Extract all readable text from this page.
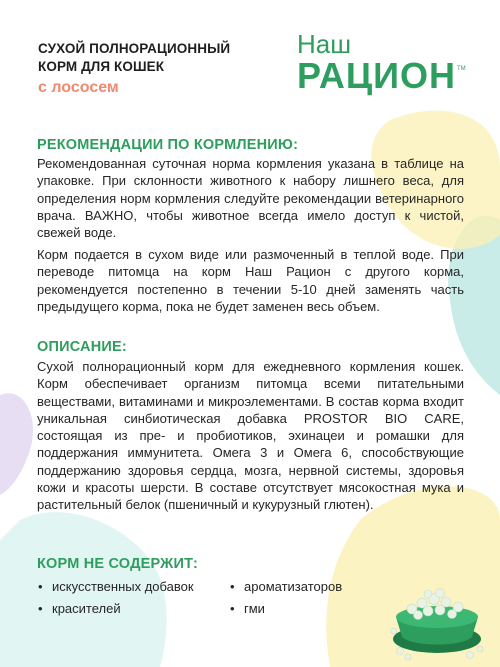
СУХОЙ ПОЛНОРАЦИОННЫЙ
КОРМ ДЛЯ КОШЕК
с лососем
Наш
РАЦИОН TM
РЕКОМЕНДАЦИИ ПО КОРМЛЕНИЮ:

Рекомендованная суточная норма кормления указана в таблице на упаковке. При склонности животного к набору лишнего веса, для определения норм кормления следуйте рекомендации ветеринарного врача. ВАЖНО, чтобы животное всегда имело доступ к чистой, свежей воде.

Корм подается в сухом виде или размоченный в теплой воде. При переводе питомца на корм Наш Рацион с другого корма, рекомендуется постепенно в течении 5-10 дней заменять часть предыдущего корма, пока не будет заменен весь объем.

ОПИСАНИЕ:

Сухой полнорационный корм для ежедневного кормления кошек. Корм обеспечивает организм питомца всеми питательными веществами, витаминами и микроэлементами. В состав корма входит уникальная синбиотическая добавка PROSTOR BIO CARE, состоящая из пре- и пробиотиков, эхинацеи и ромашки для поддержания иммунитета. Омега 3 и Омега 6, способствующие поддержанию здоровья сердца, мозга, нервной системы, здоровья кожи и красоты шерсти. В составе отсутствует мясокостная мука и растительный белок (пшеничный и кукурузный глютен).

КОРМ НЕ СОДЕРЖИТ:
• искусственных добавок
• красителей
• ароматизаторов
• гми
